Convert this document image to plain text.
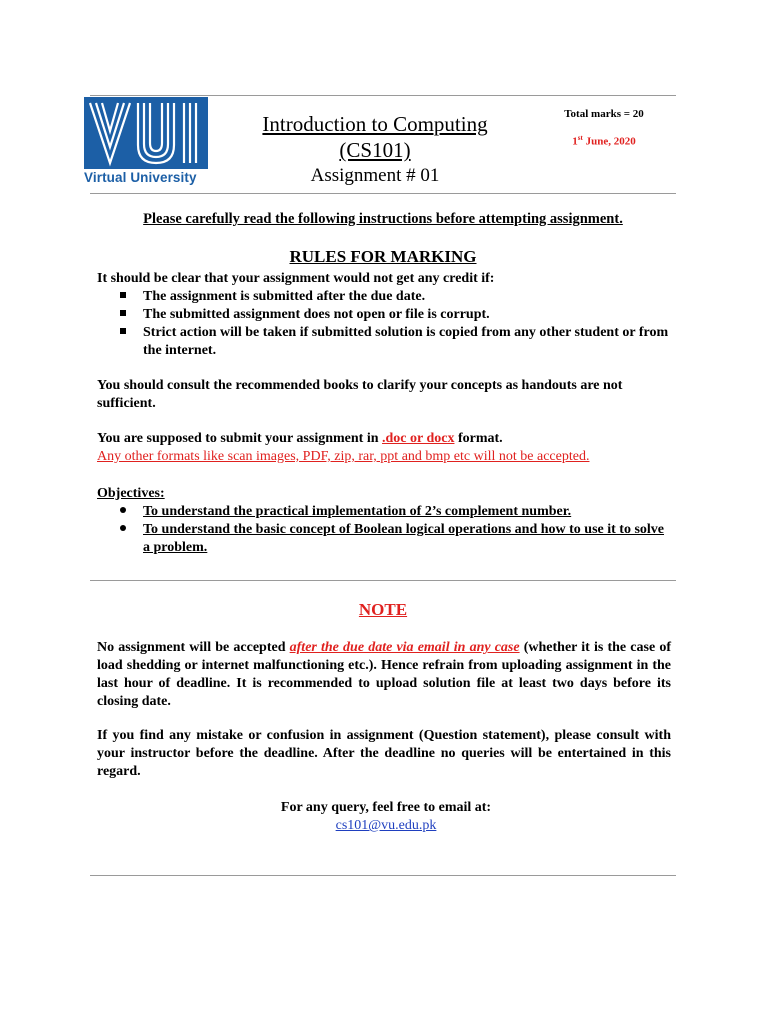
Virtual University
Introduction to Computing
(CS101)
Assignment # 01
Total marks = 20
1st June, 2020
Please carefully read the following instructions before attempting assignment.
RULES FOR MARKING
It should be clear that your assignment would not get any credit if:
The assignment is submitted after the due date.
The submitted assignment does not open or file is corrupt.
Strict action will be taken if submitted solution is copied from any other student or from the internet.
You should consult the recommended books to clarify your concepts as handouts are not sufficient.
You are supposed to submit your assignment in .doc or docx format.
Any other formats like scan images, PDF, zip, rar, ppt and bmp etc will not be accepted.
Objectives:
To understand the practical implementation of 2’s complement number.
To understand the basic concept of Boolean logical operations and how to use it to solve a problem.
NOTE
No assignment will be accepted after the due date via email in any case (whether it is the case of load shedding or internet malfunctioning etc.). Hence refrain from uploading assignment in the last hour of deadline. It is recommended to upload solution file at least two days before its closing date.
If you find any mistake or confusion in assignment (Question statement), please consult with your instructor before the deadline. After the deadline no queries will be entertained in this regard.
For any query, feel free to email at:
cs101@vu.edu.pk
